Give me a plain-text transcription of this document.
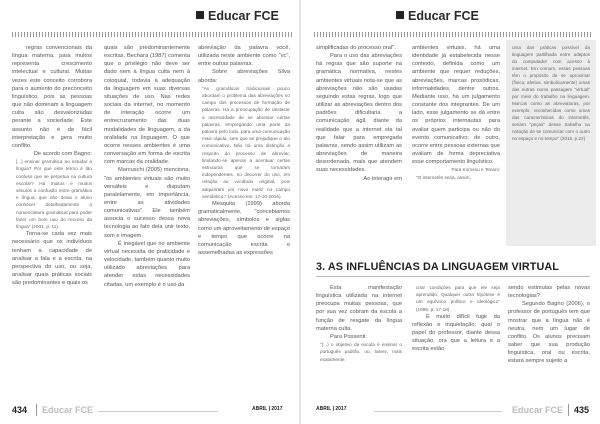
Educar FCE

regras convencionais da língua materna, para muitos representa crescimento intelectual e cultural. Muitas vezes este conceito corrobora para o aumento do preconceito linguístico, pois as pessoas que não dominam a linguagem culta são desvalorizadas perante a sociedade. Este assunto não é de fácil interpretação e gera muito conflito.

De acordo com Bagno:

[...] ensinar gramática ao estudar a língua? Por que este termo é tão confuso que se perpetua na cultura escolar? Há muitos e muitos séculos a confusão entre gramática e língua, que não deixa o aluno conhecer detalhadamente a nomenclatura gramatical para poder fazer um bom uso do recurso da língua" (2001, p. 11).

Torna-se cada vez mais necessário que os indivíduos tenham a capacidade de analisar a fala e a escrita, na perspectiva do uso, ou seja, analisar quais práticas sociais são predominantes e quais os

quais são predominantemente escritas. Bechara (1987) comenta que o privilégio não deve ser dado nem à língua culta nem à coloquial, todavia à adequação da linguagem em suas diversas situações de uso. Nas redes sociais da internet, no momento de interação ocorre um entrecruzamento das duas modalidades de linguagem, a da oralidade na linguagem. O que ocorre nesses ambientes é uma conversação em forma de escrita com marcas da oralidade.

Marcuschi (2005) menciona, "os ambientes virtuais são muito versáteis e disputam paralelamente, em importância, entre as atividades comunicativas". Ele também associa o sucesso dessa nova tecnologia ao fato dela unir texto, som e imagem.

É inegável que no ambiente virtual necessita de praticidade e velocidade, também quanto muito utilizado abreviações para atender estas necessidades citadas, um exemplo é o uso da

abreviação da palavra você, utilizada neste ambiente como "vc", entre outras palavras.

Sobre abreviações Silva aborda:

"As gramáticas tradicionais pouco abordam o problema das abreviações no campo dos processos de formação de palavras. Há a preocupação de destacar a necessidade de se abreviar certas palavras, empregando uma parte da palavra pelo todo, para uma comunicação mais rápida, sem que se prejudique o ato comunicativo. Não há uma distinção a respeito do processo de abreviar, limitando-se apenas a acentuar certas estruturas que se tornaram independentes, no decorrer do uso, em relação ao vocábulo original, pois adquiriram um novo matiz no campo semântico." (Acesso em: 17-10-2016).

Mesquita (1999) aborda gramaticalmente, "concebiamos abreviações, símbolos e siglas como um aproveitamento de espaço e tempo que ocorre na comunicação escrita e assemelhadas as expressões

434 Educar FCE	ABRIL | 2017
Educar FCE

simplificadas do processo oral".

Para o uso das abreviações há regras que são suporte na gramática normativa, nestes ambientes virtuais nota-se que as abreviações não são usadas seguindo estas regras, logo que utilizar as abreviações dentro dos padrões dificultaria a comunicação ágil, diante da realidade que a internet sta tal que falar para empregada palavras, sendo assim utilizam as abreviações de maneira desordenada, mais que atendem suas necessidades.

Ao interagir em

ambientes virtuais, há uma identidade já estabelecida nesse contexto, definida como um ambiente que requer reduções, abreviações, marcas prosódicas, informalidades, dentre outros. Mediante isso, há um julgamento constante dos integrantes. De um lado, esse julgamento se dá entre os próprios internautas para avaliar quem participa ou não do evento comunicativo; de outro, ocorre entre pessoas externas que avaliam de forma depreciativa esse comportamento linguístico.

Para Komesu e Tenani:

"O internetês seria, assim,

uma das práticas possível da linguagem partilhada entre adeptos do computador com acesso à internet. Em comum, essas pessoas têm o propósito de se aproximar (fisica, afetiva, simbolicamente) umas das outras numa passagem "virtual" por meio do trabalho na linguagem. Marcas como as abreviaturas, por exemplo, reconhecidas como umas das características do internetês, seriam "peças" desse trabalho na notação de se comunicar com o outro no espaço e no tempo" (2015, p.22)

3. AS INFLUÊNCIAS DA LINGUAGEM VIRTUAL

Esta manifestação linguística utilizada na internet preocupa muitas pessoas, que por sua vez cobram da escola a função de resgate da língua materna culta.

Para Possenti:

"(...) o objetivo da escola é ensinar o português padrão, ou, talvez, mais exatamente,

criar condições para que ele seja aprendido. Qualquer outra hipótese é um equívoco político e ideológico" (1996, p. 17-18).

É muito difícil fugir da reflexão e inquietação; qual o papel do professor, diante dessa situação, ora que a leitura e a escrita estão

sendo estimulas pelas novas tecnologias?

Segundo Bagno (2006), o professor de português tem que mostrar que a língua não é neutra, nem um lugar de conflito. Os alunos precisam saber que sua produção linguística, oral ou escrita, estará sempre sujeito a

ABRIL | 2017	Educar FCE 435
